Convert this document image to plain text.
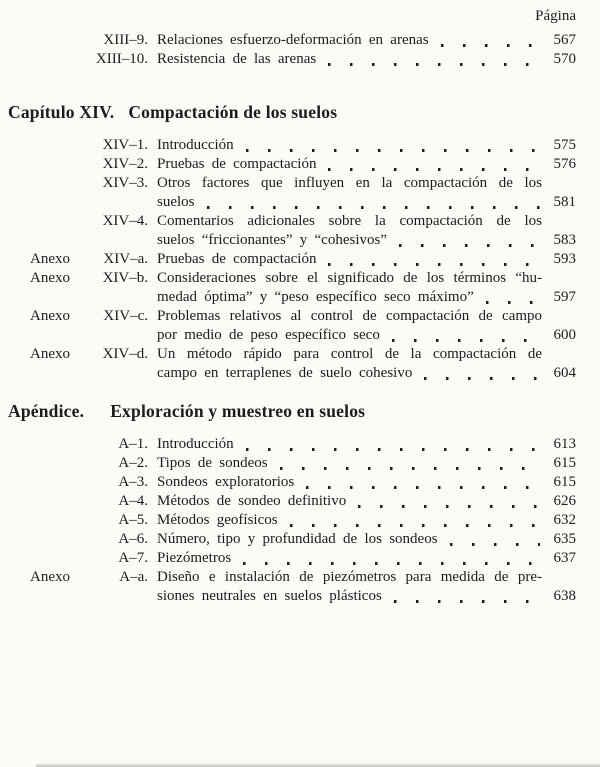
Página
XIII–9. Relaciones esfuerzo-deformación en arenas	567
XIII–10. Resistencia de las arenas	570
Capítulo XIV. Compactación de los suelos
XIV–1. Introducción	575
XIV–2. Pruebas de compactación	576
XIV–3. Otros factores que influyen en la compactación de los
suelos	581
XIV–4. Comentarios adicionales sobre la compactación de los
suelos “friccionantes” y “cohesivos”	583
Anexo XIV–a. Pruebas de compactación	593
Anexo XIV–b. Consideraciones sobre el significado de los términos “hu-
medad óptima” y “peso específico seco máximo”	597
Anexo XIV–c. Problemas relativos al control de compactación de campo
por medio de peso específico seco	600
Anexo XIV–d. Un método rápido para control de la compactación de
campo en terraplenes de suelo cohesivo	604
Apéndice. Exploración y muestreo en suelos
A–1. Introducción	613
A–2. Tipos de sondeos	615
A–3. Sondeos exploratorios	615
A–4. Métodos de sondeo definitivo	626
A–5. Métodos geofísicos	632
A–6. Número, tipo y profundidad de los sondeos	635
A–7. Piezómetros	637
Anexo	A–a. Diseño e instalación de piezómetros para medida de pre-
siones neutrales en suelos plásticos	638
